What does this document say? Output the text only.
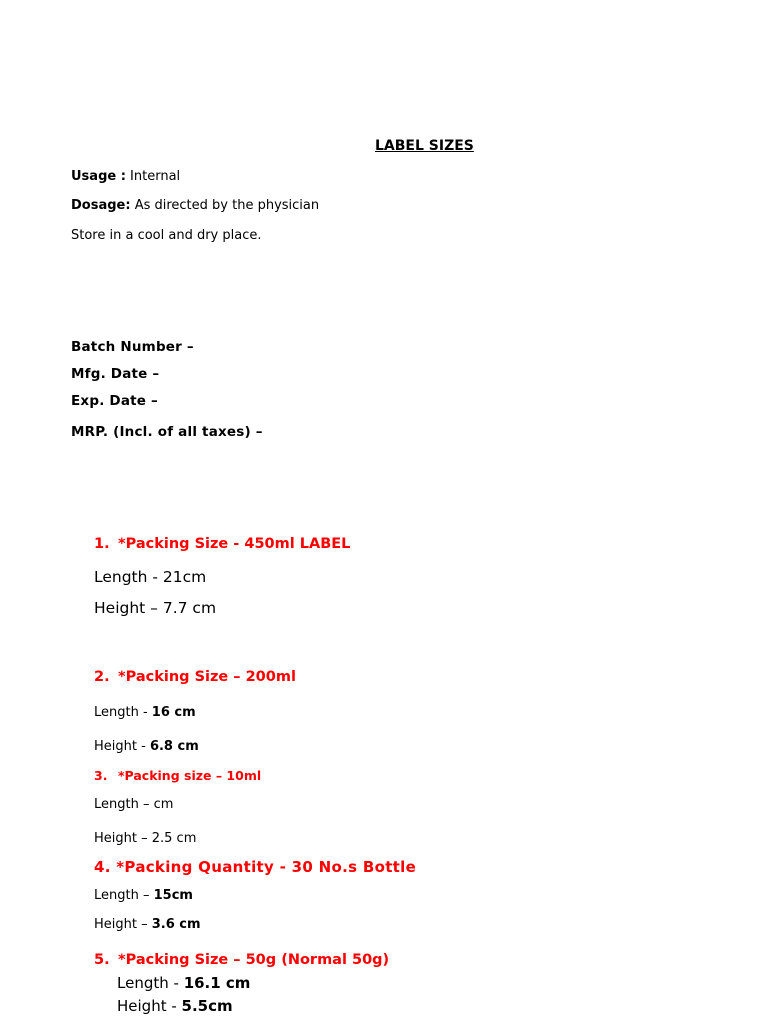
LABEL SIZES
Usage : Internal
Dosage: As directed by the physician
Store in a cool and dry place.
Batch Number –
Mfg. Date –
Exp. Date –
MRP. (Incl. of all taxes) –
1. *Packing Size - 450ml LABEL
Length - 21cm
Height – 7.7 cm
2. *Packing Size – 200ml
Length - 16 cm
Height - 6.8 cm
3. *Packing size – 10ml
Length – cm
Height – 2.5 cm
4. *Packing Quantity - 30 No.s Bottle
Length – 15cm
Height – 3.6 cm
5. *Packing Size – 50g (Normal 50g)
Length - 16.1 cm
Height - 5.5cm
